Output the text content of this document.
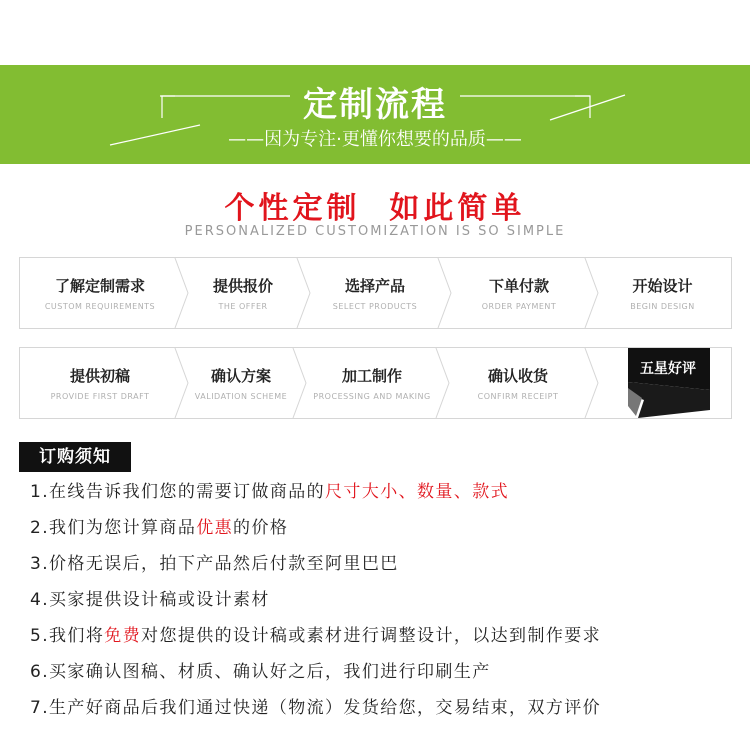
定制流程
——因为专注·更懂你想要的品质——
个性定制  如此简单
PERSONALIZED CUSTOMIZATION IS SO SIMPLE
了解定制需求
CUSTOM REQUIREMENTS
提供报价
THE OFFER
选择产品
SELECT PRODUCTS
下单付款
ORDER PAYMENT
开始设计
BEGIN DESIGN
提供初稿
PROVIDE FIRST DRAFT
确认方案
VALIDATION SCHEME
加工制作
PROCESSING AND MAKING
确认收货
CONFIRM RECEIPT
五星好评
订购须知
1.在线告诉我们您的需要订做商品的尺寸大小、数量、款式
2.我们为您计算商品优惠的价格
3.价格无误后，拍下产品然后付款至阿里巴巴
4.买家提供设计稿或设计素材
5.我们将免费对您提供的设计稿或素材进行调整设计，以达到制作要求
6.买家确认图稿、材质、确认好之后，我们进行印刷生产
7.生产好商品后我们通过快递（物流）发货给您，交易结束，双方评价
